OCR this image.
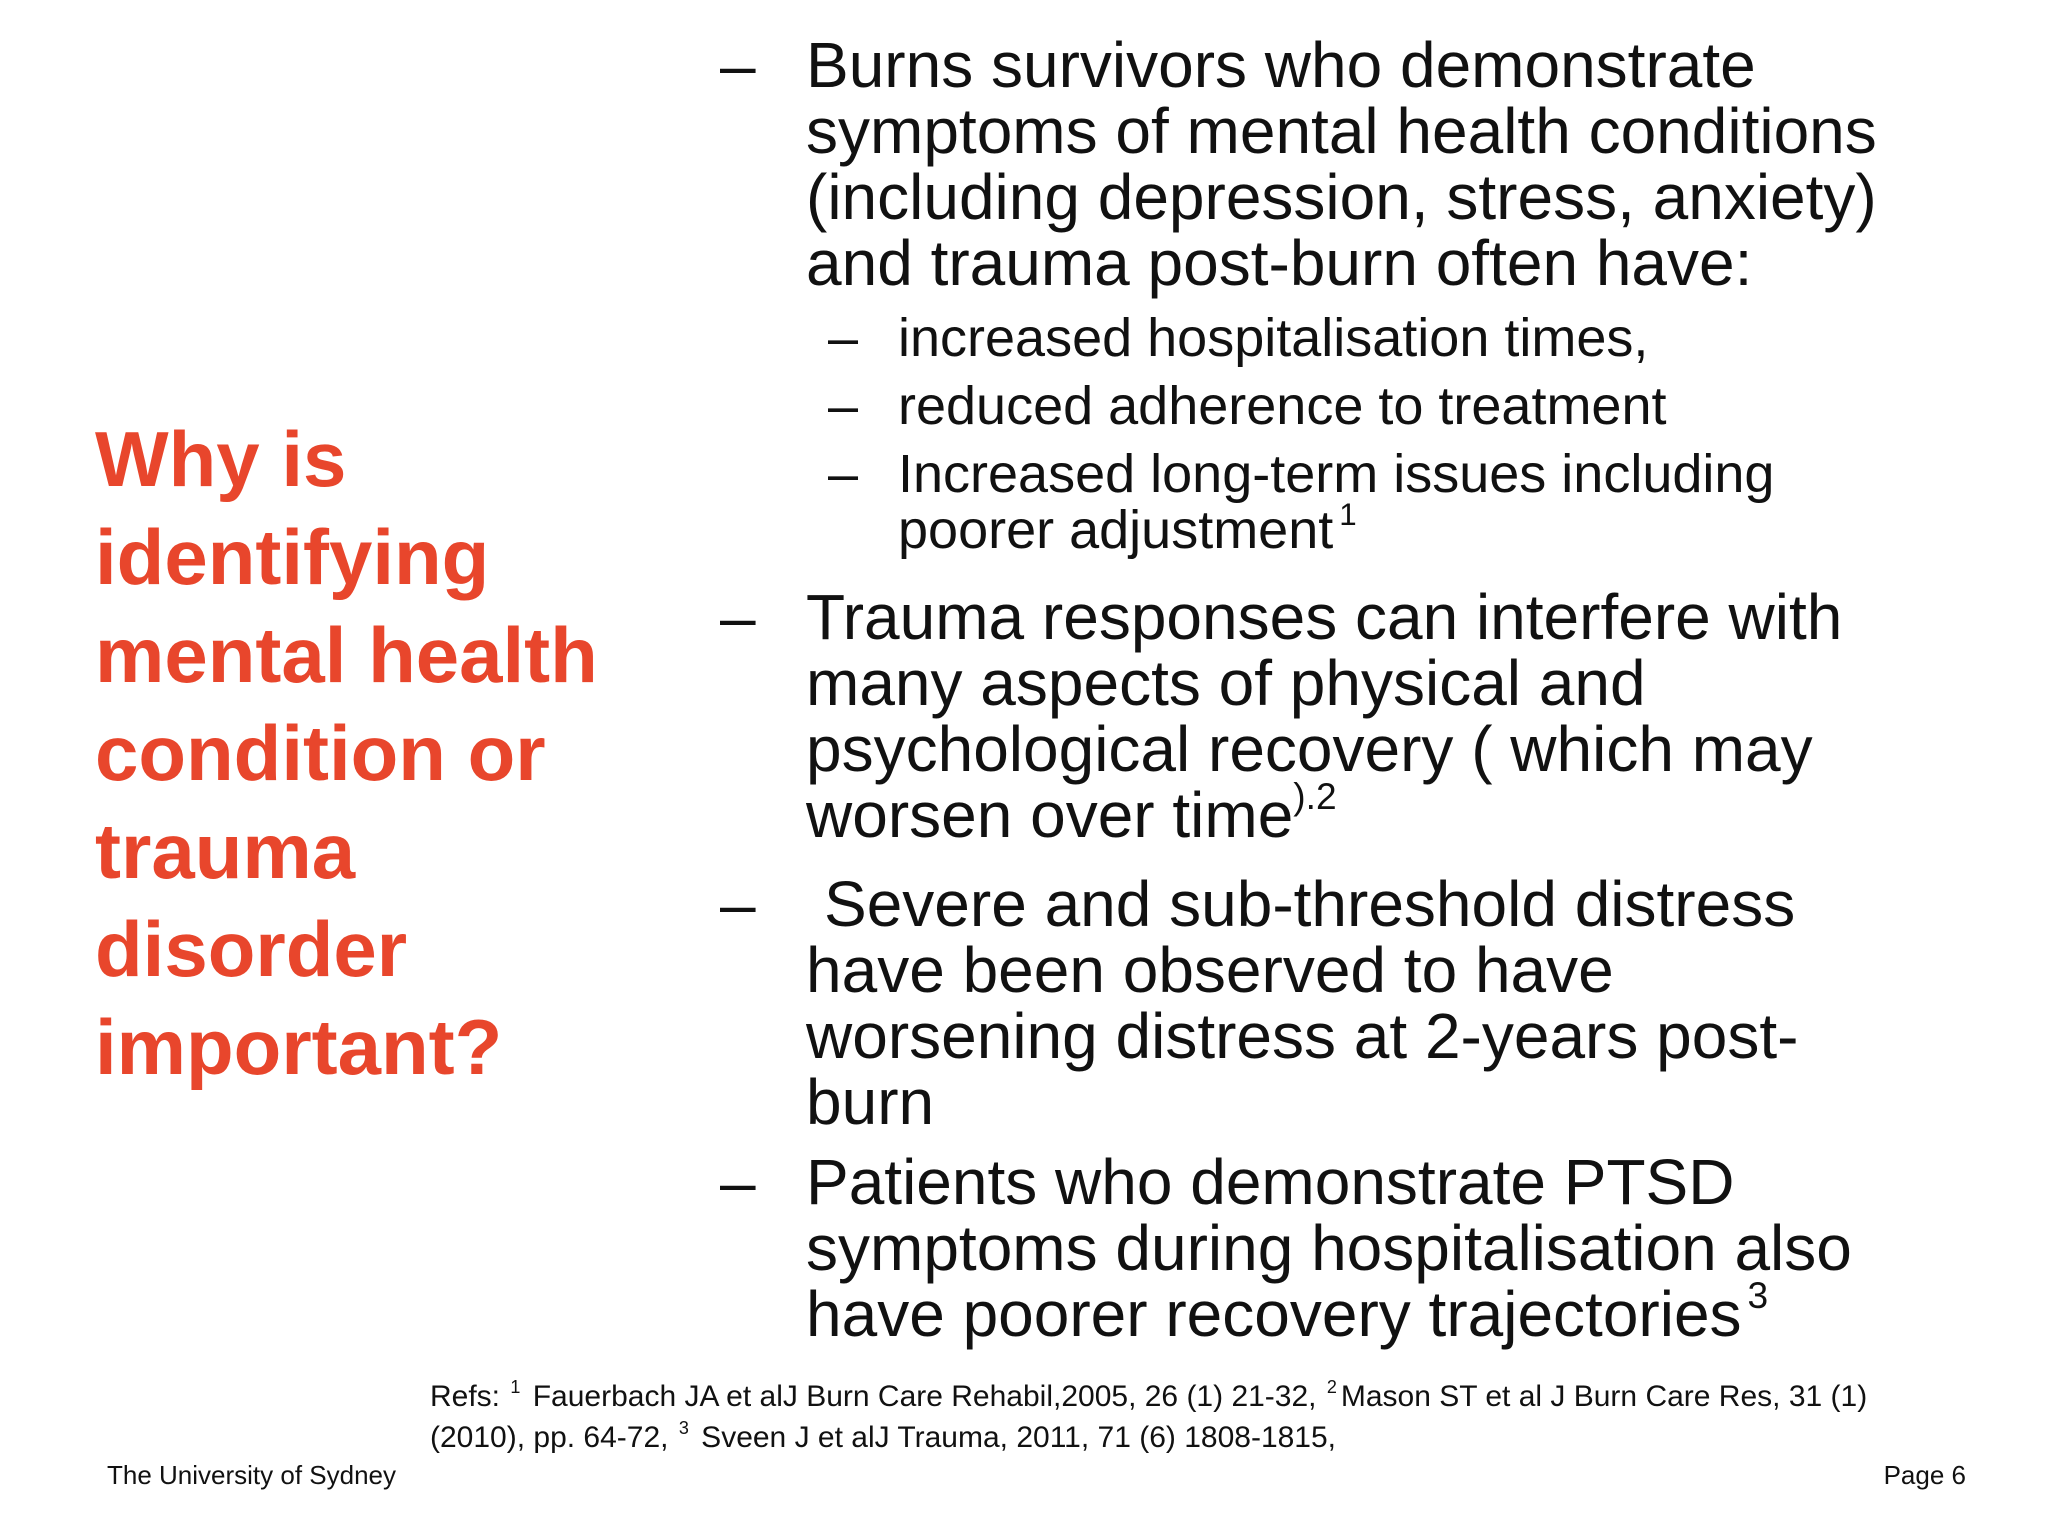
Why is
identifying
mental health
condition or
trauma
disorder
important?
– Burns survivors who demonstrate
symptoms of mental health conditions
(including depression, stress, anxiety)
and trauma post-burn often have:
– increased hospitalisation times,
– reduced adherence to treatment
– Increased long-term issues including
poorer adjustment $^1$
– Trauma responses can interfere with
many aspects of physical and
psychological recovery ( which may
worsen over time$^{).2}$
– Severe and sub-threshold distress
have been observed to have
worsening distress at 2-years post-
burn
– Patients who demonstrate PTSD
symptoms during hospitalisation also
have poorer recovery trajectories $^3$
Refs: $^1$ Fauerbach JA et alJ Burn Care Rehabil,2005, 26 (1) 21-32, $^2$ Mason ST et al J Burn Care Res, 31 (1)
(2010), pp. 64-72, $^3$ Sveen J et alJ Trauma, 2011, 71 (6) 1808-1815,
The University of Sydney	Page 6
